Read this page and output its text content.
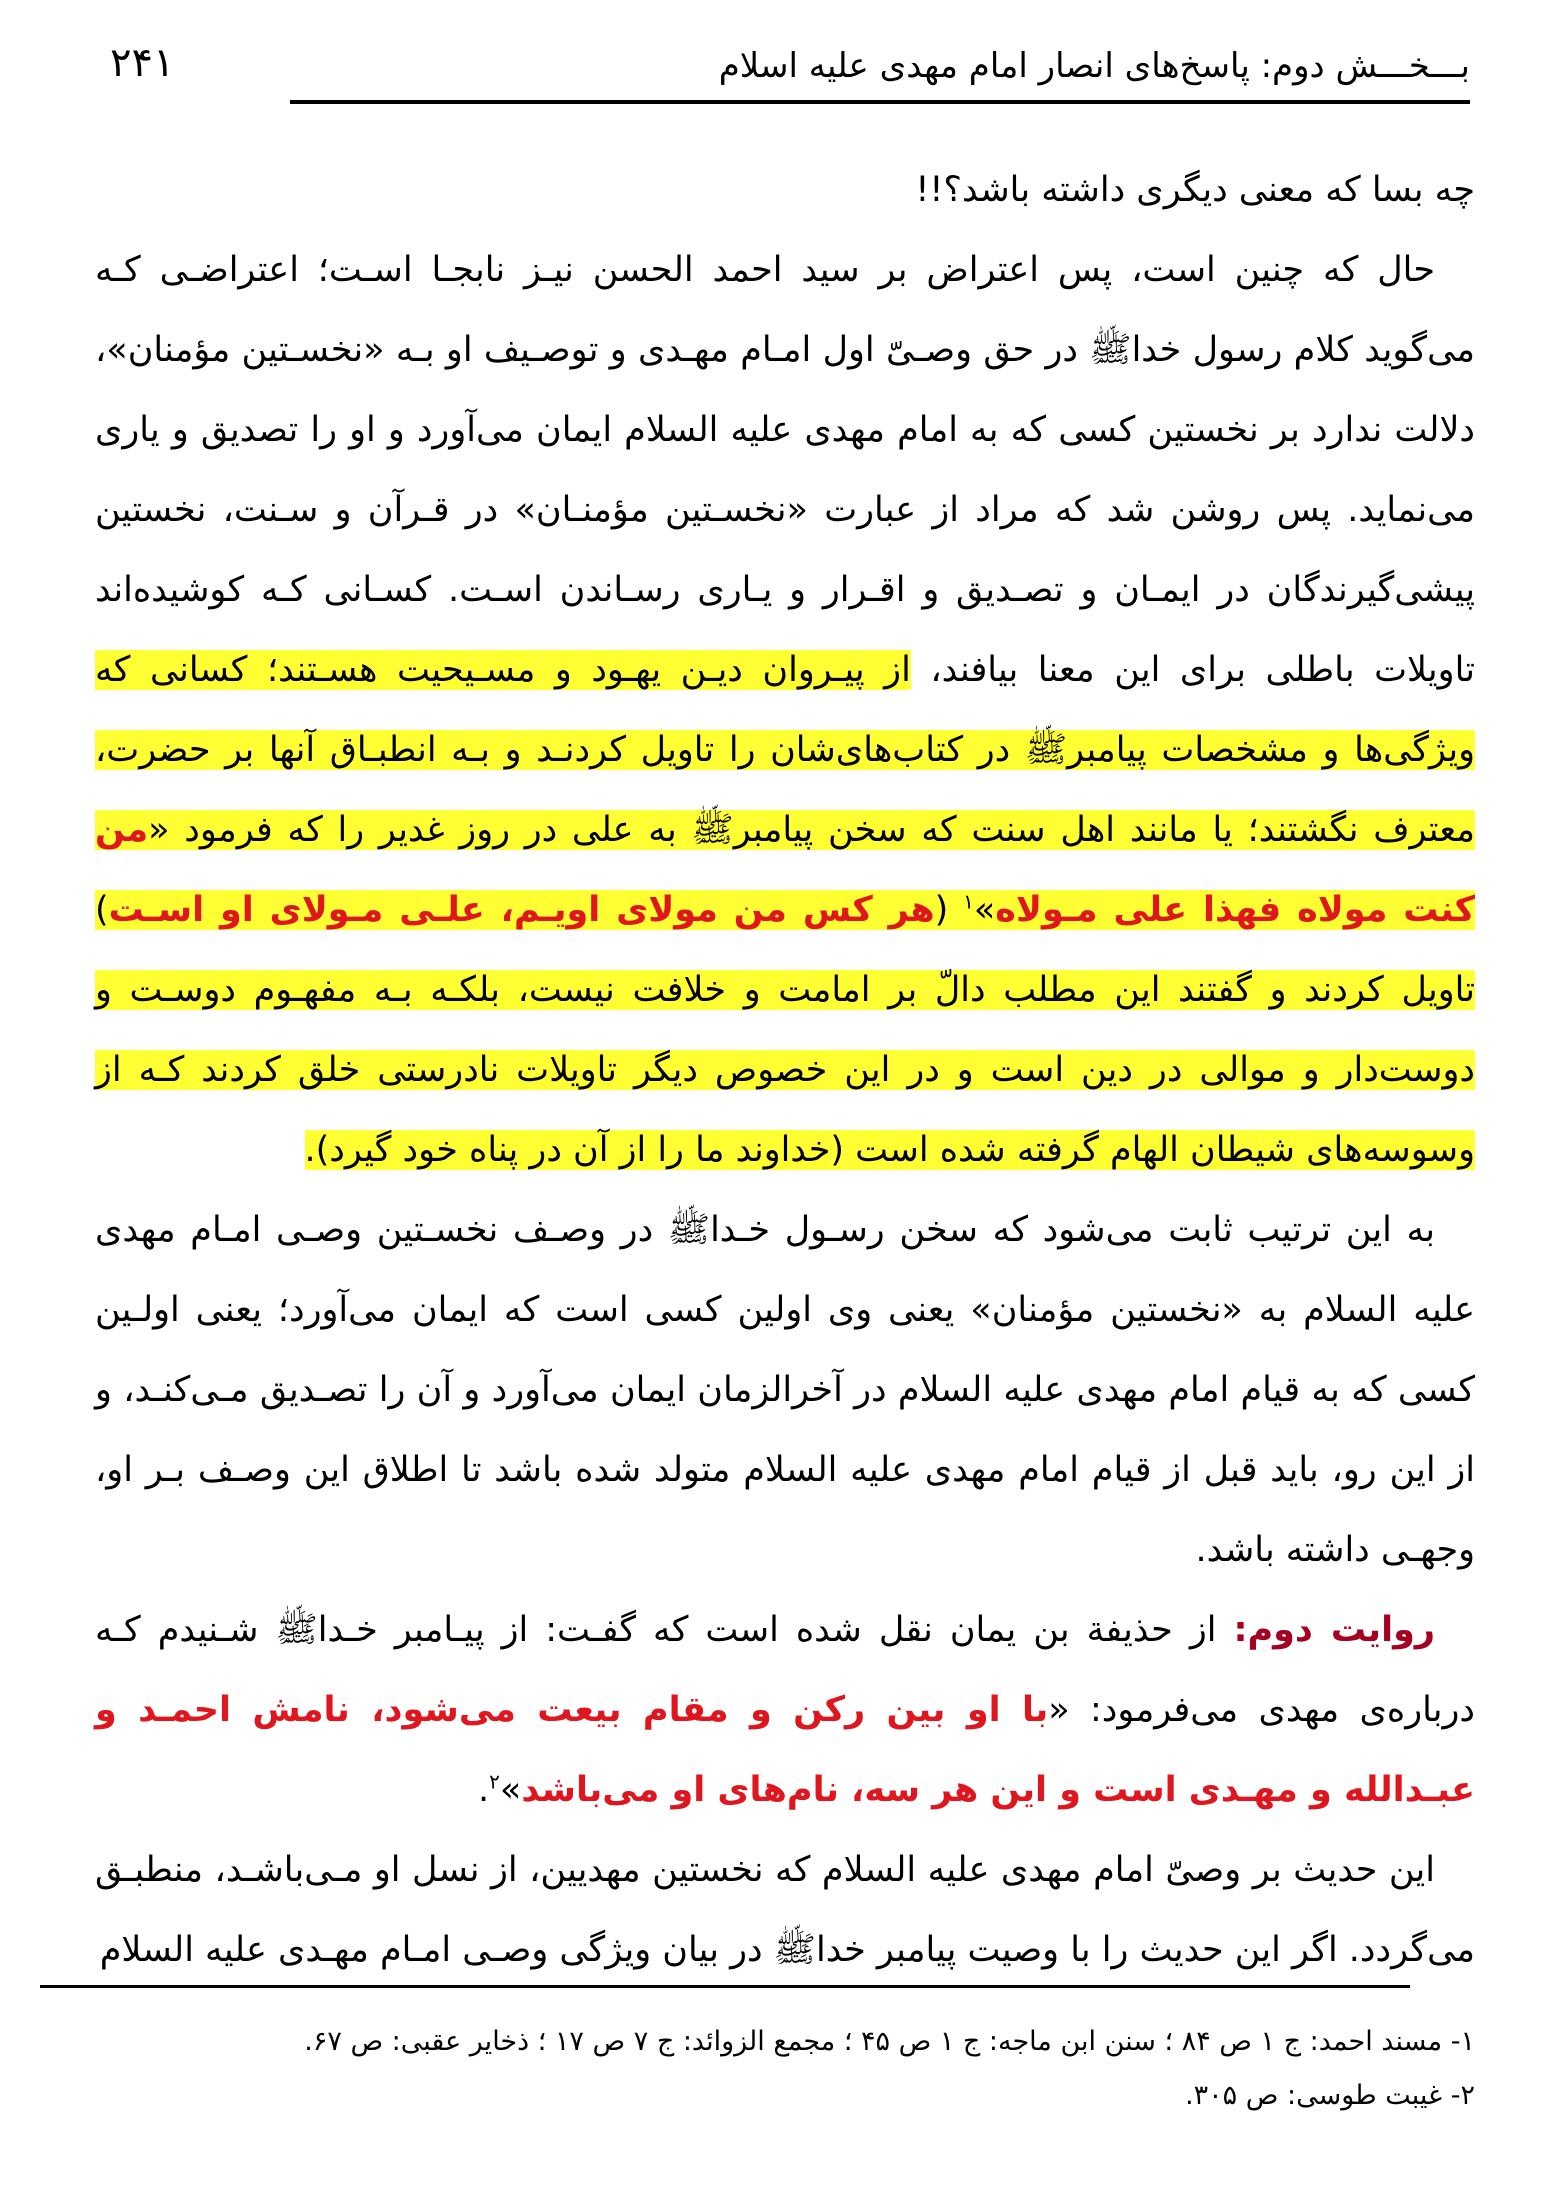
بـــخـــش دوم: پاسخ‌های انصار امام مهدی علیه اسلام
۲۴۱

چه بسا که معنی دیگری داشته باشد؟!!

حال که چنین است، پس اعتراض بر سید احمد الحسن نیـز نابجـا اسـت؛ اعتراضـی کـه می‌گوید کلام رسول خداﷺ در حق وصـیّ اول امـام مهـدی و توصـیف او بـه «نخسـتین مؤمنان»، دلالت ندارد بر نخستین کسی که به امام مهدی علیه السلام ایمان می‌آورد و او را تصدیق و یاری می‌نماید. پس روشن شد که مراد از عبارت «نخسـتین مؤمنـان» در قـرآن و سـنت، نخستین پیشی‌گیرندگان در ایمـان و تصـدیق و اقـرار و یـاری رسـاندن اسـت. کسـانی کـه کوشیده‌اند تاویلات باطلی برای این معنا بیافند، از پیـروان دیـن یهـود و مسـیحیت هسـتند؛ کسانی که ویژگی‌ها و مشخصات پیامبرﷺ در کتاب‌های‌شان را تاویل کردنـد و بـه انطبـاق آنها بر حضرت، معترف نگشتند؛ یا مانند اهل سنت که سخن پیامبرﷺ به علی در روز غدیر را که فرمود «من کنت مولاه فهذا علی مـولاه»$^۱$ (هر کس من مولای اویـم، علـی مـولای او اسـت) تاویل کردند و گفتند این مطلب دالّ بر امامت و خلافت نیست، بلکـه بـه مفهـوم دوسـت و دوست‌دار و موالی در دین است و در این خصوص دیگر تاویلات نادرستی خلق کردند کـه از وسوسه‌های شیطان الهام گرفته شده است (خداوند ما را از آن در پناه خود گیرد).

به این ترتیب ثابت می‌شود که سخن رسـول خـداﷺ در وصـف نخسـتین وصـی امـام مهدی علیه السلام به «نخستین مؤمنان» یعنی وی اولین کسی است که ایمان می‌آورد؛ یعنی اولـین کسی که به قیام امام مهدی علیه السلام در آخرالزمان ایمان می‌آورد و آن را تصـدیق مـی‌کنـد، و از این رو، باید قبل از قیام امام مهدی علیه السلام متولد شده باشد تا اطلاق این وصـف بـر او، وجهـی داشته باشد.

روایت دوم: از حذیفة بن یمان نقل شده است که گفـت: از پیـامبر خـداﷺ شـنیدم کـه درباره‌ی مهدی می‌فرمود: «با او بین رکن و مقام بیعت می‌شود، نامش احمـد و عبـدالله و مهـدی است و این هر سه، نام‌های او می‌باشد»$^۲$.

این حدیث بر وصیّ امام مهدی علیه السلام که نخستین مهدیین، از نسل او مـی‌باشـد، منطبـق می‌گردد. اگر این حدیث را با وصیت پیامبر خداﷺ در بیان ویژگی وصـی امـام مهـدی علیه السلام

۱- مسند احمد: ج ۱ ص ۸۴ ؛ سنن ابن ماجه: ج ۱ ص ۴۵ ؛ مجمع الزوائد: ج ۷ ص ۱۷ ؛ ذخایر عقبی: ص ۶۷.

۲- غیبت طوسی: ص ۳۰۵.
